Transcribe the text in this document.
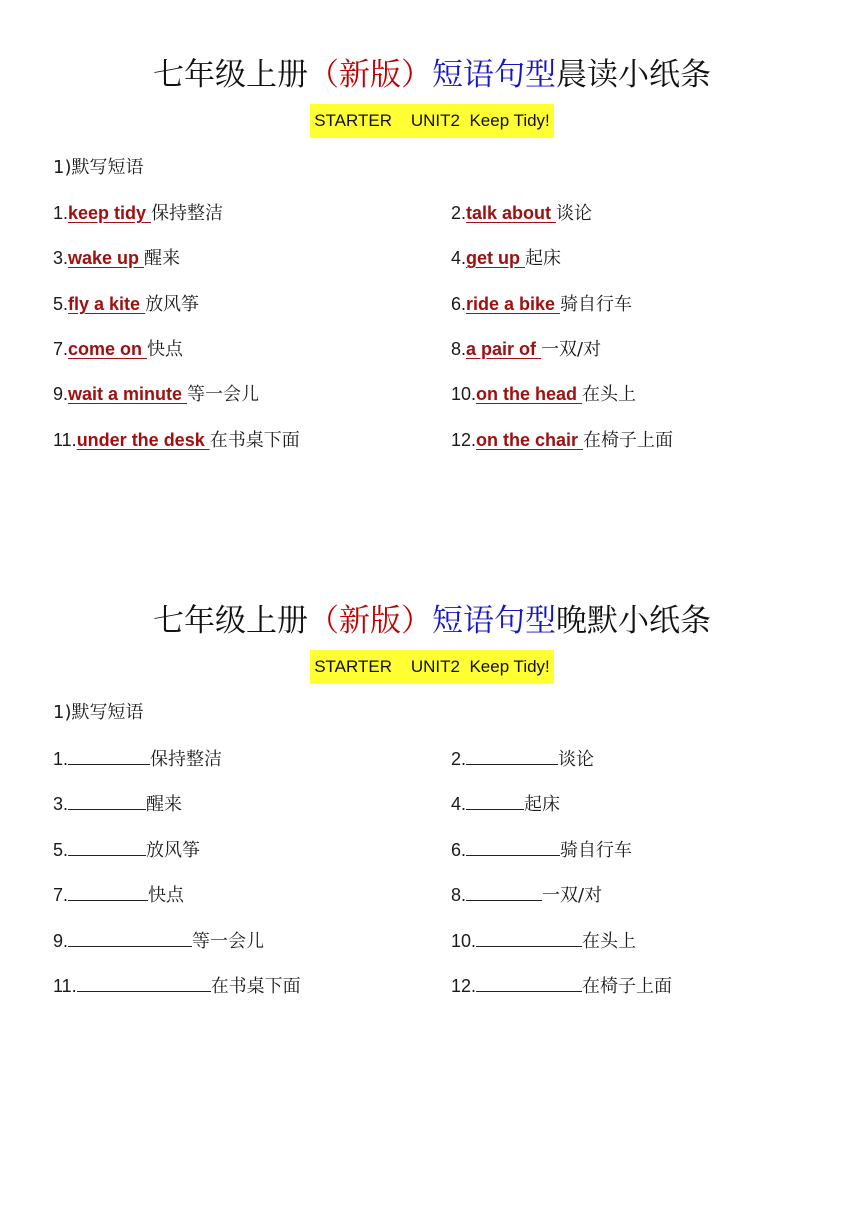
七年级上册（新版）短语句型晨读小纸条
STARTER    UNIT2  Keep Tidy!
1)默写短语
1.keep tidy 保持整洁	2.talk about 谈论
3.wake up 醒来	4.get up 起床
5.fly a kite 放风筝	6.ride a bike 骑自行车
7.come on 快点	8.a pair of 一双/对
9.wait a minute 等一会儿	10.on the head 在头上
11.under the desk 在书桌下面	12.on the chair 在椅子上面
七年级上册（新版）短语句型晚默小纸条
STARTER    UNIT2  Keep Tidy!
1)默写短语
1.	保持整洁	2.	谈论
3.	醒来	4.	起床
5.	放风筝	6.	骑自行车
7.	快点	8.	一双/对
9.	等一会儿	10.	在头上
11.	在书桌下面	12.	在椅子上面
